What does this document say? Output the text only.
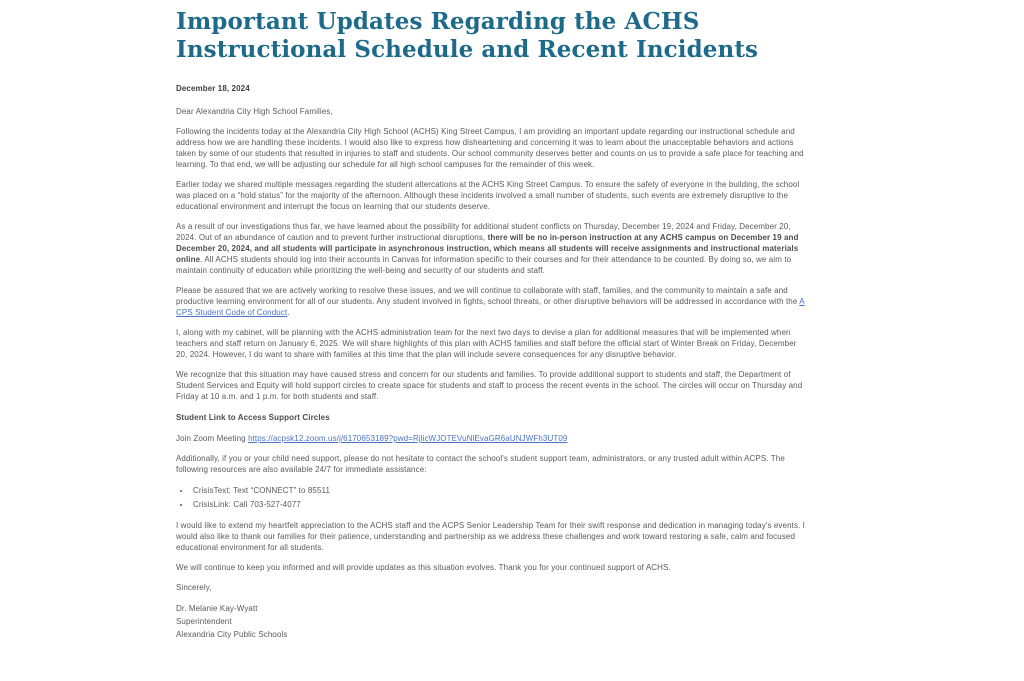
Important Updates Regarding the ACHS Instructional Schedule and Recent Incidents
December 18, 2024

Dear Alexandria City High School Families,

Following the incidents today at the Alexandria City High School (ACHS) King Street Campus, I am providing an important update regarding our instructional schedule and address how we are handling these incidents. I would also like to express how disheartening and concerning it was to learn about the unacceptable behaviors and actions taken by some of our students that resulted in injuries to staff and students. Our school community deserves better and counts on us to provide a safe place for teaching and learning. To that end, we will be adjusting our schedule for all high school campuses for the remainder of this week.

Earlier today we shared multiple messages regarding the student altercations at the ACHS King Street Campus. To ensure the safety of everyone in the building, the school was placed on a “hold status” for the majority of the afternoon. Although these incidents involved a small number of students, such events are extremely disruptive to the educational environment and interrupt the focus on learning that our students deserve.

As a result of our investigations thus far, we have learned about the possibility for additional student conflicts on Thursday, December 19, 2024 and Friday, December 20, 2024. Out of an abundance of caution and to prevent further instructional disruptions, there will be no in-person instruction at any ACHS campus on December 19 and December 20, 2024, and all students will participate in asynchronous instruction, which means all students will receive assignments and instructional materials online. All ACHS students should log into their accounts in Canvas for information specific to their courses and for their attendance to be counted. By doing so, we aim to maintain continuity of education while prioritizing the well-being and security of our students and staff.

Please be assured that we are actively working to resolve these issues, and we will continue to collaborate with staff, families, and the community to maintain a safe and productive learning environment for all of our students. Any student involved in fights, school threats, or other disruptive behaviors will be addressed in accordance with the ACPS Student Code of Conduct.

I, along with my cabinet, will be planning with the ACHS administration team for the next two days to devise a plan for additional measures that will be implemented when teachers and staff return on January 6, 2025. We will share highlights of this plan with ACHS families and staff before the official start of Winter Break on Friday, December 20, 2024. However, I do want to share with families at this time that the plan will include severe consequences for any disruptive behavior.

We recognize that this situation may have caused stress and concern for our students and families. To provide additional support to students and staff, the Department of Student Services and Equity will hold support circles to create space for students and staff to process the recent events in the school. The circles will occur on Thursday and Friday at 10 a.m. and 1 p.m. for both students and staff.

Student Link to Access Support Circles

Join Zoom Meeting https://acpsk12.zoom.us/j/6170653189?pwd=RjlicWJOTEVuNlEvaGR6aUNJWFh3UT09

Additionally, if you or your child need support, please do not hesitate to contact the school's student support team, administrators, or any trusted adult within ACPS. The following resources are also available 24/7 for immediate assistance:

• CrisisText: Text “CONNECT” to 85511
• CrisisLink: Call 703-527-4077

I would like to extend my heartfelt appreciation to the ACHS staff and the ACPS Senior Leadership Team for their swift response and dedication in managing today's events. I would also like to thank our families for their patience, understanding and partnership as we address these challenges and work toward restoring a safe, calm and focused educational environment for all students.

We will continue to keep you informed and will provide updates as this situation evolves. Thank you for your continued support of ACHS.

Sincerely,

Dr. Melanie Kay-Wyatt
Superintendent
Alexandria City Public Schools
